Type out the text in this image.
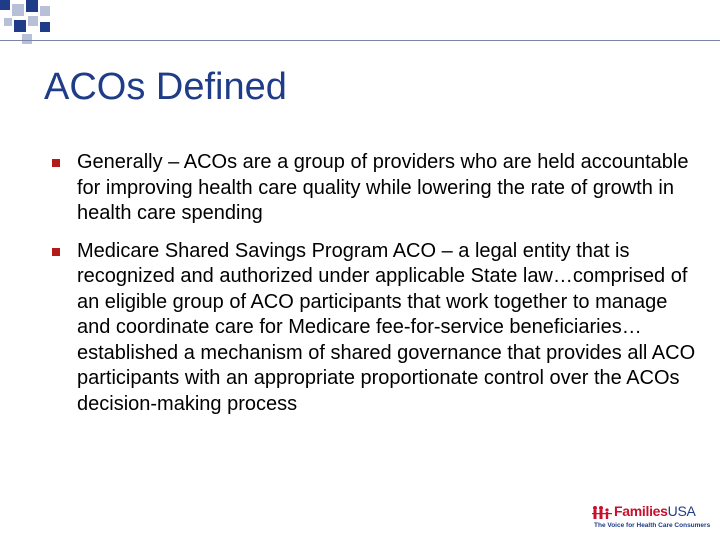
ACOs Defined
Generally – ACOs are a group of providers who are held accountable for improving health care quality while lowering the rate of growth in health care spending
Medicare Shared Savings Program ACO – a legal entity that is recognized and authorized under applicable State law…comprised of an eligible group of ACO participants that work together to manage and coordinate care for Medicare fee-for-service beneficiaries…established a mechanism of shared governance that provides all ACO participants with an appropriate proportionate control over the ACOs decision-making process
FamiliesUSA
The Voice for Health Care Consumers
